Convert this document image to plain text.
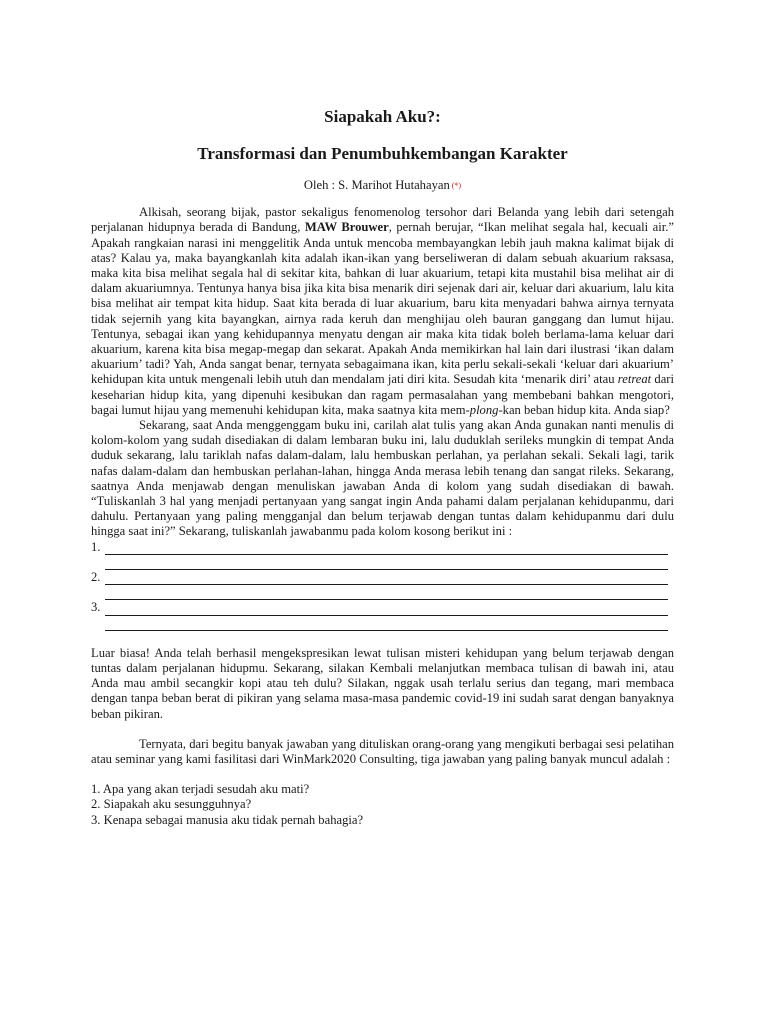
Siapakah Aku?:
Transformasi dan Penumbuhkembangan Karakter
Oleh : S. Marihot Hutahayan (*)

Alkisah, seorang bijak, pastor sekaligus fenomenolog tersohor dari Belanda yang lebih dari setengah perjalanan hidupnya berada di Bandung, MAW Brouwer, pernah berujar, “Ikan melihat segala hal, kecuali air.” Apakah rangkaian narasi ini menggelitik Anda untuk mencoba membayangkan lebih jauh makna kalimat bijak di atas? Kalau ya, maka bayangkanlah kita adalah ikan-ikan yang berseliweran di dalam sebuah akuarium raksasa, maka kita bisa melihat segala hal di sekitar kita, bahkan di luar akuarium, tetapi kita mustahil bisa melihat air di dalam akuariumnya. Tentunya hanya bisa jika kita bisa menarik diri sejenak dari air, keluar dari akuarium, lalu kita bisa melihat air tempat kita hidup. Saat kita berada di luar akuarium, baru kita menyadari bahwa airnya ternyata tidak sejernih yang kita bayangkan, airnya rada keruh dan menghijau oleh bauran ganggang dan lumut hijau. Tentunya, sebagai ikan yang kehidupannya menyatu dengan air maka kita tidak boleh berlama-lama keluar dari akuarium, karena kita bisa megap-megap dan sekarat. Apakah Anda memikirkan hal lain dari ilustrasi ‘ikan dalam akuarium’ tadi? Yah, Anda sangat benar, ternyata sebagaimana ikan, kita perlu sekali-sekali ‘keluar dari akuarium’ kehidupan kita untuk mengenali lebih utuh dan mendalam jati diri kita. Sesudah kita ‘menarik diri’ atau retreat dari keseharian hidup kita, yang dipenuhi kesibukan dan ragam permasalahan yang membebani bahkan mengotori, bagai lumut hijau yang memenuhi kehidupan kita, maka saatnya kita mem-plong-kan beban hidup kita. Anda siap?

Sekarang, saat Anda menggenggam buku ini, carilah alat tulis yang akan Anda gunakan nanti menulis di kolom-kolom yang sudah disediakan di dalam lembaran buku ini, lalu duduklah serileks mungkin di tempat Anda duduk sekarang, lalu tariklah nafas dalam-dalam, lalu hembuskan perlahan, ya perlahan sekali. Sekali lagi, tarik nafas dalam-dalam dan hembuskan perlahan-lahan, hingga Anda merasa lebih tenang dan sangat rileks. Sekarang, saatnya Anda menjawab dengan menuliskan jawaban Anda di kolom yang sudah disediakan di bawah. “Tuliskanlah 3 hal yang menjadi pertanyaan yang sangat ingin Anda pahami dalam perjalanan kehidupanmu, dari dahulu. Pertanyaan yang paling mengganjal dan belum terjawab dengan tuntas dalam kehidupanmu dari dulu hingga saat ini?” Sekarang, tuliskanlah jawabanmu pada kolom kosong berikut ini :

1.
2.
3.

Luar biasa! Anda telah berhasil mengekspresikan lewat tulisan misteri kehidupan yang belum terjawab dengan tuntas dalam perjalanan hidupmu. Sekarang, silakan Kembali melanjutkan membaca tulisan di bawah ini, atau Anda mau ambil secangkir kopi atau teh dulu? Silakan, nggak usah terlalu serius dan tegang, mari membaca dengan tanpa beban berat di pikiran yang selama masa-masa pandemic covid-19 ini sudah sarat dengan banyaknya beban pikiran.

Ternyata, dari begitu banyak jawaban yang dituliskan orang-orang yang mengikuti berbagai sesi pelatihan atau seminar yang kami fasilitasi dari WinMark2020 Consulting, tiga jawaban yang paling banyak muncul adalah :

1. Apa yang akan terjadi sesudah aku mati?
2. Siapakah aku sesungguhnya?
3. Kenapa sebagai manusia aku tidak pernah bahagia?
